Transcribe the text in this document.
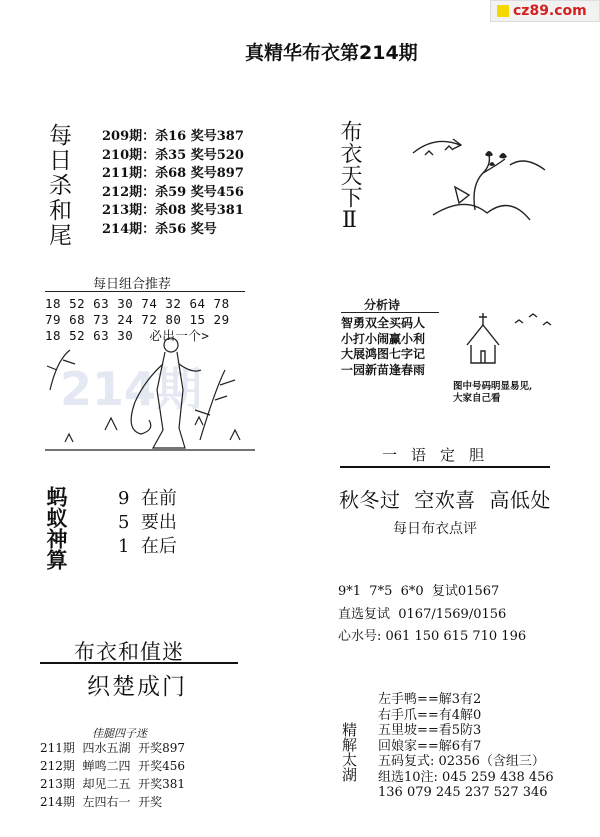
cz89.com
真精华布衣第214期
每日杀和尾 209期：杀16 奖号387
210期：杀35 奖号520
211期：杀68 奖号897
212期：杀59 奖号456
213期：杀08 奖号381
214期：杀56 奖号
每日组合推荐
18 52 63 30 74 32 64 78
79 68 73 24 72 80 15 29
18 52 63 30  必出一个>
214期
蚂蚁神算	9  在前
5  要出
1  在后
布衣和值迷
织楚成门
佳腿四子迷
211期  四水五湖  开奖897
212期  蝉鸣二四  开奖456
213期  却见二五  开奖381
214期  左四右一  开奖
布衣天下Ⅱ
分析诗
智勇双全买码人
小打小闹赢小利
大展鸿图七字记
一园新苗逢春雨
图中号码明显易见,
大家自己看
一语定胆
秋冬过  空欢喜  高低处
每日布衣点评
9*1  7*5  6*0  复试01567
直选复试  0167/1569/0156
心水号: 061 150 615 710 196
精解太湖
左手鸭==解3有2
右手爪==有4解0
五里坡==看5防3
回娘家==解6有7
五码复式: 02356（含组三）
组选10注: 045 259 438 456
136 079 245 237 527 346
